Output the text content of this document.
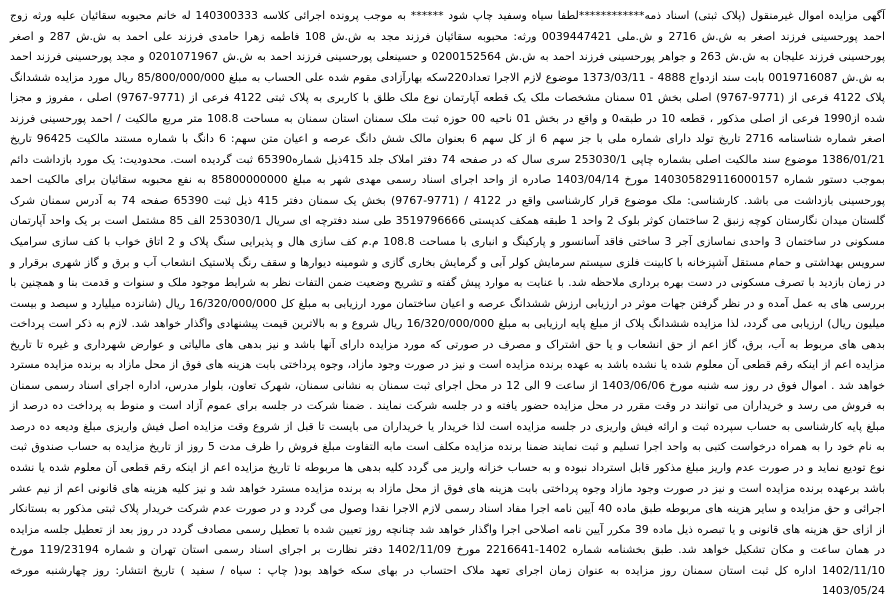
آگهی مزایده اموال غیرمنقول (پلاک ثبتی) اسناد ذمه************لطفا سیاه وسفید چاپ شود ****** به موجب پرونده اجرائی کلاسه 140300333 له خانم محبوبه سقائیان علیه ورثه زوج احمد پورحسینی فرزند اصغر به ش.ش 2716 و ش.ملی 0039447421 ورثه: محبوبه سقائیان فرزند مجد به ش.ش 108 فاطمه زهرا حامدی فرزند علی احمد به ش.ش 287 و اصغر پورحسینی فرزند علیجان به ش.ش 263 و جواهر پورحسینی فرزند احمد به ش.ش 0200152564 و حسینعلی پورحسینی فرزند احمد به ش.ش 0201071967 و مجد پورحسینی فرزند احمد به ش.ش 0019716087 بابت سند ازدواج 4888 - 1373/03/11 موضوع لازم الاجرا تعداد220سکه بهارآزادی مقوم شده علی الحساب به مبلغ 85/800/000/000 ریال مورد مزایده ششدانگ پلاک 4122 فرعی از (9771-9767) اصلی بخش 01 سمنان مشخصات ملک یک قطعه آپارتمان نوع ملک طلق با کاربری به پلاک ثبتی 4122 فرعی از (9771-9767) اصلی ، مفروز و مجزا شده از1990 فرعی از اصلی مذکور ، قطعه 10 در طبقه0 و واقع در بخش 01 ناحیه 00 حوزه ثبت ملک سمنان استان سمنان به مساحت 108.8 متر مربع مالکیت / احمد پورحسینی فرزند اصغر شماره شناسنامه 2716 تاریخ تولد دارای شماره ملی با جز سهم 6 از کل سهم 6 بعنوان مالک شش دانگ عرصه و اعیان متن سهم: 6 دانگ با شماره مستند مالکیت 96425 تاریخ 1386/01/21 موضوع سند مالکیت اصلی بشماره چاپی 253030/1 سری سال که در صفحه 74 دفتر املاک جلد 415ذیل شماره65390 ثبت گردیده است. محدودیت: یک مورد بازداشت دائم بموجب دستور شماره 140305829116000157 مورخ 1403/04/14 صادره از واحد اجرای اسناد رسمی مهدی شهر به مبلغ 85800000000 به نفع محبوبه سقائیان برای مالکیت احمد پورحسینی بازداشت می باشد. کارشناسی: ملک موضوع قرار کارشناسی واقع در 4122 / (9771-9767) بخش یک سمنان دفتر 415 ذیل ثبت 65390 صفحه 74 به آدرس سمنان شرک گلستان میدان نگارستان کوچه زنبق 2 ساختمان کوثر بلوک 2 واحد 1 طبقه همکف کدپستی 3519796666 طی سند دفترچه ای سریال 253030/1 الف 85 مشتمل است بر یک واحد آپارتمان مسکونی در ساختمان 3 واحدی نماسازی آجر 3 ساختی فاقد آسانسور و پارکینگ و انباری با مساحت 108.8 م.م کف سازی هال و پذیرایی سنگ پلاک و 2 اتاق خواب با کف سازی سرامیک سرویس بهداشتی و حمام مستقل آشپزخانه با کابینت فلزی سیستم سرمایش کولر آبی و گرمایش بخاری گازی و شومینه دیوارها و سقف رنگ پلاستیک انشعاب آب و برق و گاز شهری برقرار و در زمان بازدید با تصرف مسکونی در دست بهره برداری ملاحظه شد. با عنایت به موارد پیش گفته و تشریح وضعیت ضمن التفات نظر به شرایط موجود ملک و سنوات و قدمت بنا و همچنین با بررسی های به عمل آمده و در نظر گرفتن جهات موثر در ارزیابی ارزش ششدانگ عرصه و اعیان ساختمان مورد ارزیابی به مبلغ کل 16/320/000/000 ریال (شانزده میلیارد و سیصد و بیست میلیون ریال) ارزیابی می گردد، لذا مزایده ششدانگ پلاک از مبلغ پایه ارزیابی به مبلغ 16/320/000/000 ریال شروع و به بالاترین قیمت پیشنهادی واگذار خواهد شد. لازم به ذکر است پرداخت بدهی های مربوط به آب، برق، گاز اعم از حق انشعاب و یا حق اشتراک و مصرف در صورتی که مورد مزایده دارای آنها باشد و نیز بدهی های مالیاتی و عوارض شهرداری و غیره تا تاریخ مزایده اعم از اینکه رقم قطعی آن معلوم شده یا نشده باشد به عهده برنده مزایده است و نیز در صورت وجود مازاد، وجوه پرداختی بابت هزینه های فوق از محل مازاد به برنده مزایده مسترد خواهد شد . اموال فوق در روز سه شنبه مورخ 1403/06/06 از ساعت 9 الی 12 در محل اجرای ثبت سمنان به نشانی سمنان، شهرک تعاون، بلوار مدرس، اداره اجرای اسناد رسمی سمنان به فروش می رسد و خریداران می توانند در وقت مقرر در محل مزایده حضور یافته و در جلسه شرکت نمایند . ضمنا شرکت در جلسه برای عموم آزاد است و منوط به پرداخت ده درصد از مبلغ پایه کارشناسی به حساب سپرده ثبت و ارائه فیش واریزی در جلسه مزایده است لذا خریدار یا خریداران می بایست تا قبل از شروع وقت مزایده اصل فیش واریزی مبلغ ودیعه ده درصد به نام خود را به همراه درخواست کتبی به واحد اجرا تسلیم و ثبت نمایند ضمنا برنده مزایده مکلف است مابه التفاوت مبلغ فروش را ظرف مدت 5 روز از تاریخ مزایده به حساب صندوق ثبت نوع تودیع نماید و در صورت عدم واریز مبلغ مذکور قابل استرداد نبوده و به حساب خزانه واریز می گردد کلیه بدهی ها مربوطه تا تاریخ مزایده اعم از اینکه رقم قطعی آن معلوم شده یا نشده باشد برعهده برنده مزایده است و نیز در صورت وجود مازاد وجوه پرداختی بابت هزینه های فوق از محل مازاد به برنده مزایده مسترد خواهد شد و نیز کلیه هزینه های قانونی اعم از نیم عشر اجرائی و حق مزایده و سایر هزینه های مربوطه طبق ماده 40 آیین نامه اجرا مفاد اسناد رسمی لازم الاجرا نقدا وصول می گردد و در صورت عدم شرکت خریدار پلاک ثبتی مذکور به بستانکار از ازای حق هزینه های قانونی و یا تبصره ذیل ماده 39 مکرر آیین نامه اصلاحی اجرا واگذار خواهد شد چنانچه روز تعیین شده با تعطیل رسمی مصادف گردد در روز بعد از تعطیل جلسه مزایده در همان ساعت و مکان تشکیل خواهد شد. طبق بخشنامه شماره 1402-2216641 مورخ 1402/11/09 دفتر نظارت بر اجرای اسناد رسمی استان تهران و شماره 119/23194 مورخ 1402/11/10 اداره کل ثبت استان سمنان روز مزایده به عنوان زمان اجرای تعهد ملاک احتساب در بهای سکه خواهد بود( چاپ : سیاه / سفید ) تاریخ انتشار: روز چهارشنبه مورخه 1403/05/24
